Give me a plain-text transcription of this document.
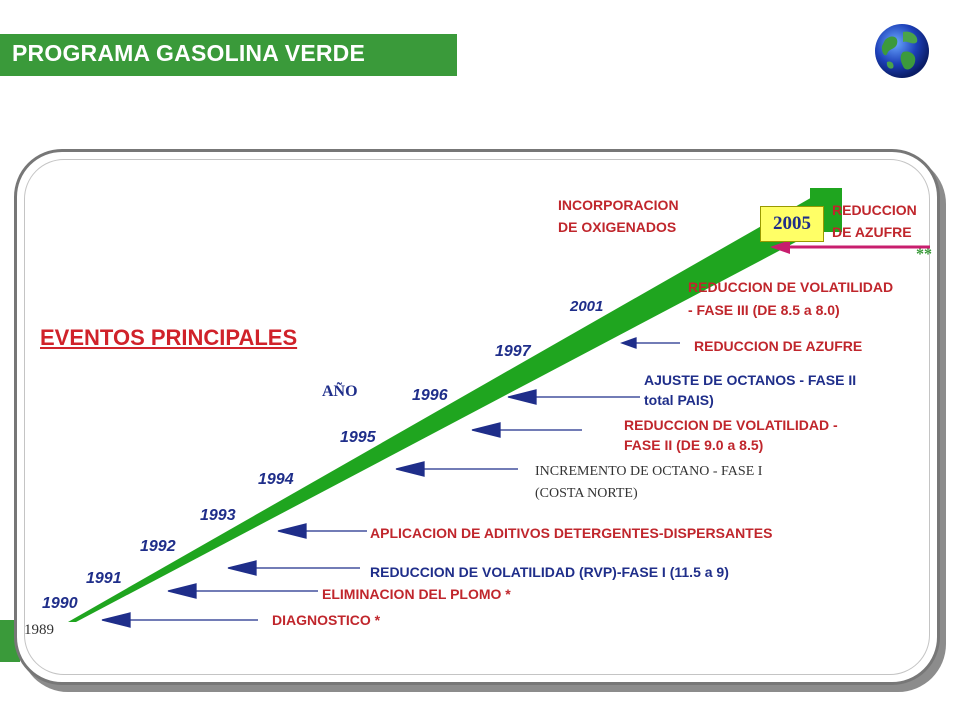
PROGRAMA GASOLINA VERDE
EVENTOS PRINCIPALES
AÑO
1989
1990
1991
1992
1993
1994
1995
1996
1997
2001
2005
**
DIAGNOSTICO *
ELIMINACION DEL PLOMO *
REDUCCION DE VOLATILIDAD (RVP)-FASE I (11.5 a 9)
APLICACION DE ADITIVOS DETERGENTES-DISPERSANTES
INCREMENTO DE OCTANO - FASE I
(COSTA NORTE)
REDUCCION DE VOLATILIDAD -
FASE II (DE 9.0 a 8.5)
AJUSTE DE OCTANOS - FASE II
total PAIS)
REDUCCION DE AZUFRE
REDUCCION DE VOLATILIDAD
- FASE III (DE 8.5 a 8.0)
INCORPORACION
DE OXIGENADOS
REDUCCION
DE AZUFRE
